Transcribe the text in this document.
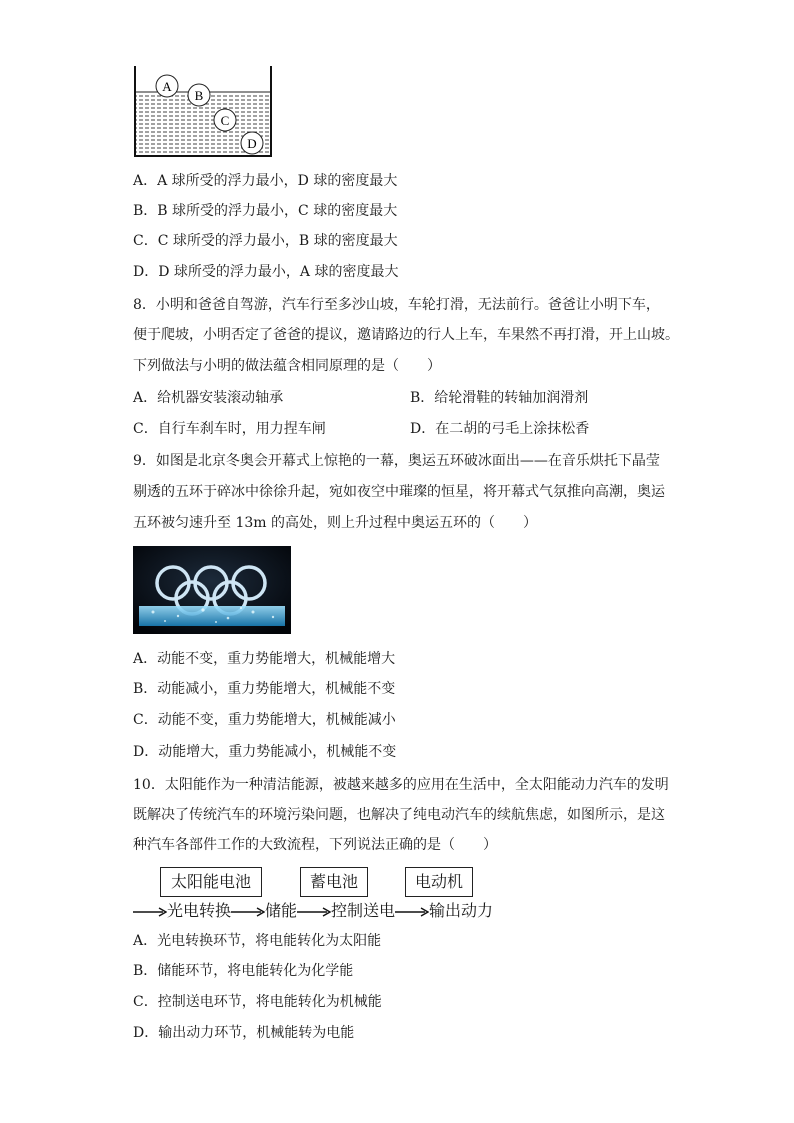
A
B
C
D
A．A 球所受的浮力最小，D 球的密度最大
B．B 球所受的浮力最小，C 球的密度最大
C．C 球所受的浮力最小，B 球的密度最大
D．D 球所受的浮力最小，A 球的密度最大
8．小明和爸爸自驾游，汽车行至多沙山坡，车轮打滑，无法前行。爸爸让小明下车，
便于爬坡，小明否定了爸爸的提议，邀请路边的行人上车，车果然不再打滑，开上山坡。
下列做法与小明的做法蕴含相同原理的是（　　）
A．给机器安装滚动轴承	B．给轮滑鞋的转轴加润滑剂
C．自行车刹车时，用力捏车闸	D．在二胡的弓毛上涂抹松香
9．如图是北京冬奥会开幕式上惊艳的一幕，奥运五环破冰面出——在音乐烘托下晶莹
剔透的五环于碎冰中徐徐升起，宛如夜空中璀璨的恒星，将开幕式气氛推向高潮，奥运
五环被匀速升至 13m 的高处，则上升过程中奥运五环的（　　）
A．动能不变，重力势能增大，机械能增大
B．动能减小，重力势能增大，机械能不变
C．动能不变，重力势能增大，机械能减小
D．动能增大，重力势能减小，机械能不变
10．太阳能作为一种清洁能源，被越来越多的应用在生活中，全太阳能动力汽车的发明
既解决了传统汽车的环境污染问题，也解决了纯电动汽车的续航焦虑，如图所示，是这
种汽车各部件工作的大致流程，下列说法正确的是（　　）
太阳能电池	蓄电池	电动机
光电转换 储能 控制送电 输出动力
A．光电转换环节，将电能转化为太阳能
B．储能环节，将电能转化为化学能
C．控制送电环节，将电能转化为机械能
D．输出动力环节，机械能转为电能
